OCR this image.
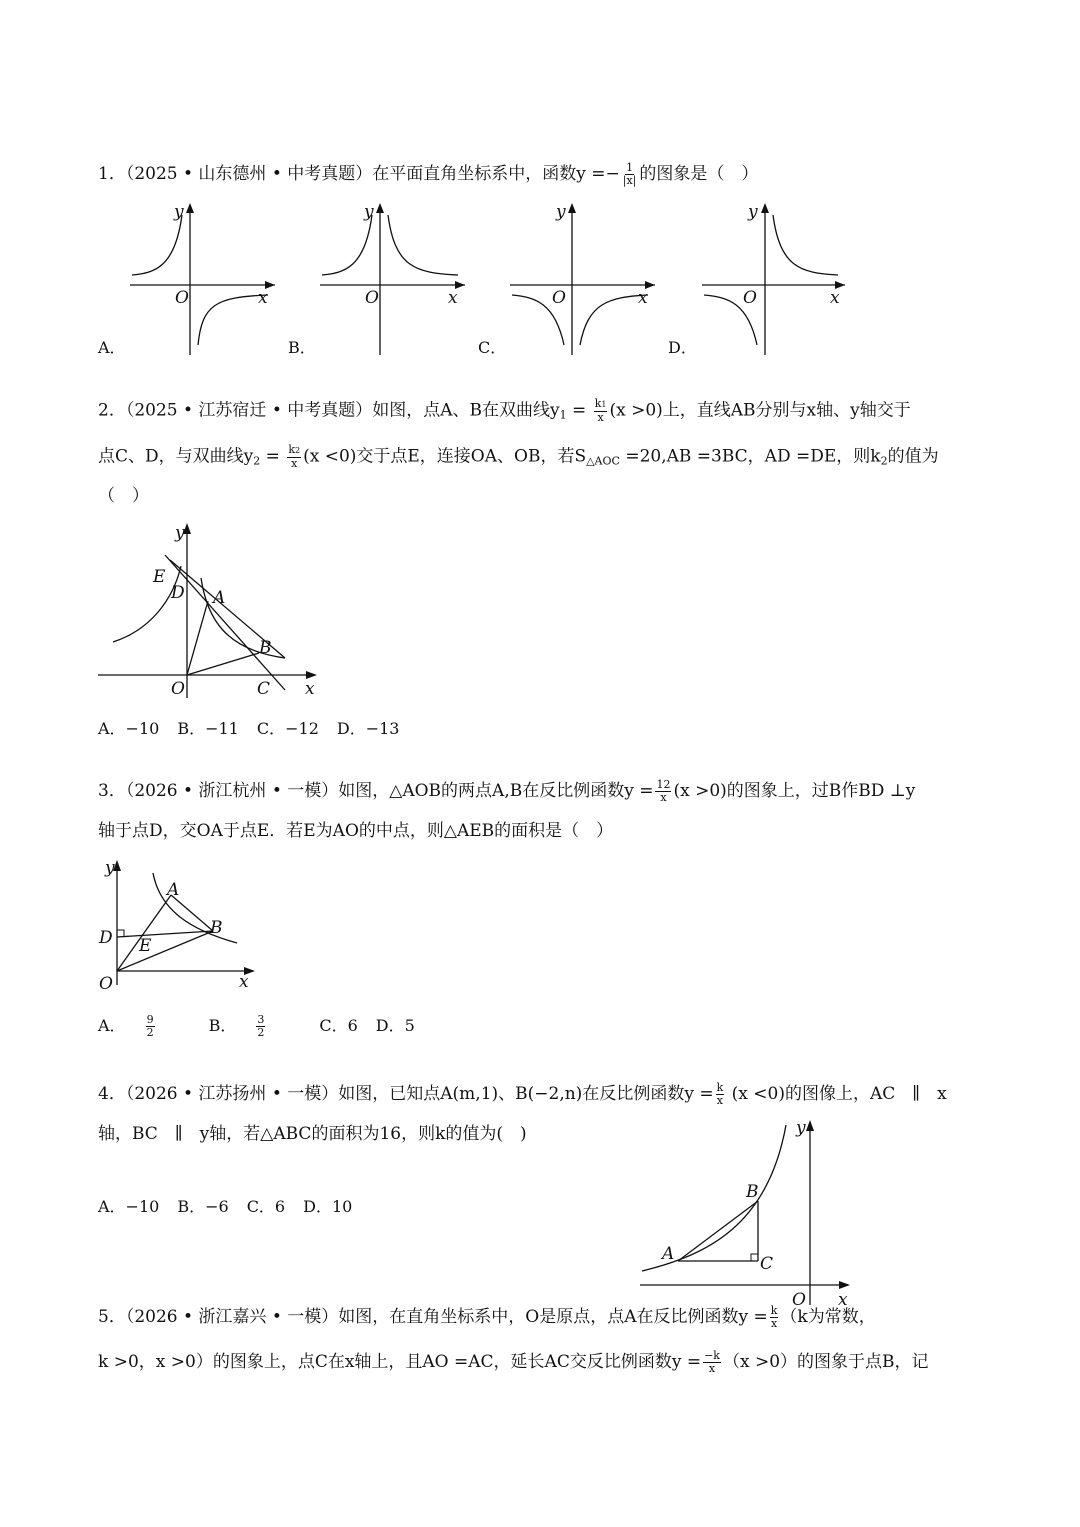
1．（2025 • 山东德州 • 中考真题）在平面直角坐标系中，函数$y =- \frac{1}{|x|}$ 的图象是（　）
O	x
y
A．
O	x
y
B．
O	x
y
C．
O	x
y
D．
2．（2025 • 江苏宿迁 • 中考真题）如图，点A、B在双曲线$y_1 = \frac{k1}{x} (x >0)$上，直线AB分别与x轴、y轴交于
点C、D，与双曲线$y_2 = \frac{k2}{x} (x <0)$交于点E，连接OA、OB，若$S_{\triangle AOC} =20,AB =3BC$，AD =DE，则$k_2$的值为
（　）
y
E
D A
B
O	C x
A．−10 B．−11 C．−12 D．−13
3．（2026 • 浙江杭州 • 一模）如图，△AOB的两点A,B在反比例函数$y = \frac{12}{x} (x >0)$的图象上，过B作BD ⊥y
轴于点D，交OA于点E．若E为AO的中点，则△AEB的面积是（　）
y
A
D E
B
O	x
A． $\frac{9}{2}$ B． $\frac{3}{2}$ C．6 D．5
4．（2026 • 江苏扬州 • 一模）如图，已知点A(m,1)、B(−2,n)在反比例函数$y = \frac{k}{x} (x <0)$的图像上，AC　∥　x
轴，BC　∥　y轴，若△ABC的面积为16，则k的值为(　)
A．−10 B．−6 C．6 D．10
y
B
A	C
O x
5．（2026 • 浙江嘉兴 • 一模）如图，在直角坐标系中，O是原点，点A在反比例函数$y = \frac{k}{x} (k$为常数，
k >0，x >0）的图象上，点C在x轴上，且AO =AC，延长AC交反比例函数$y = \frac{-k}{x} (x >0)$的图象于点B，记
